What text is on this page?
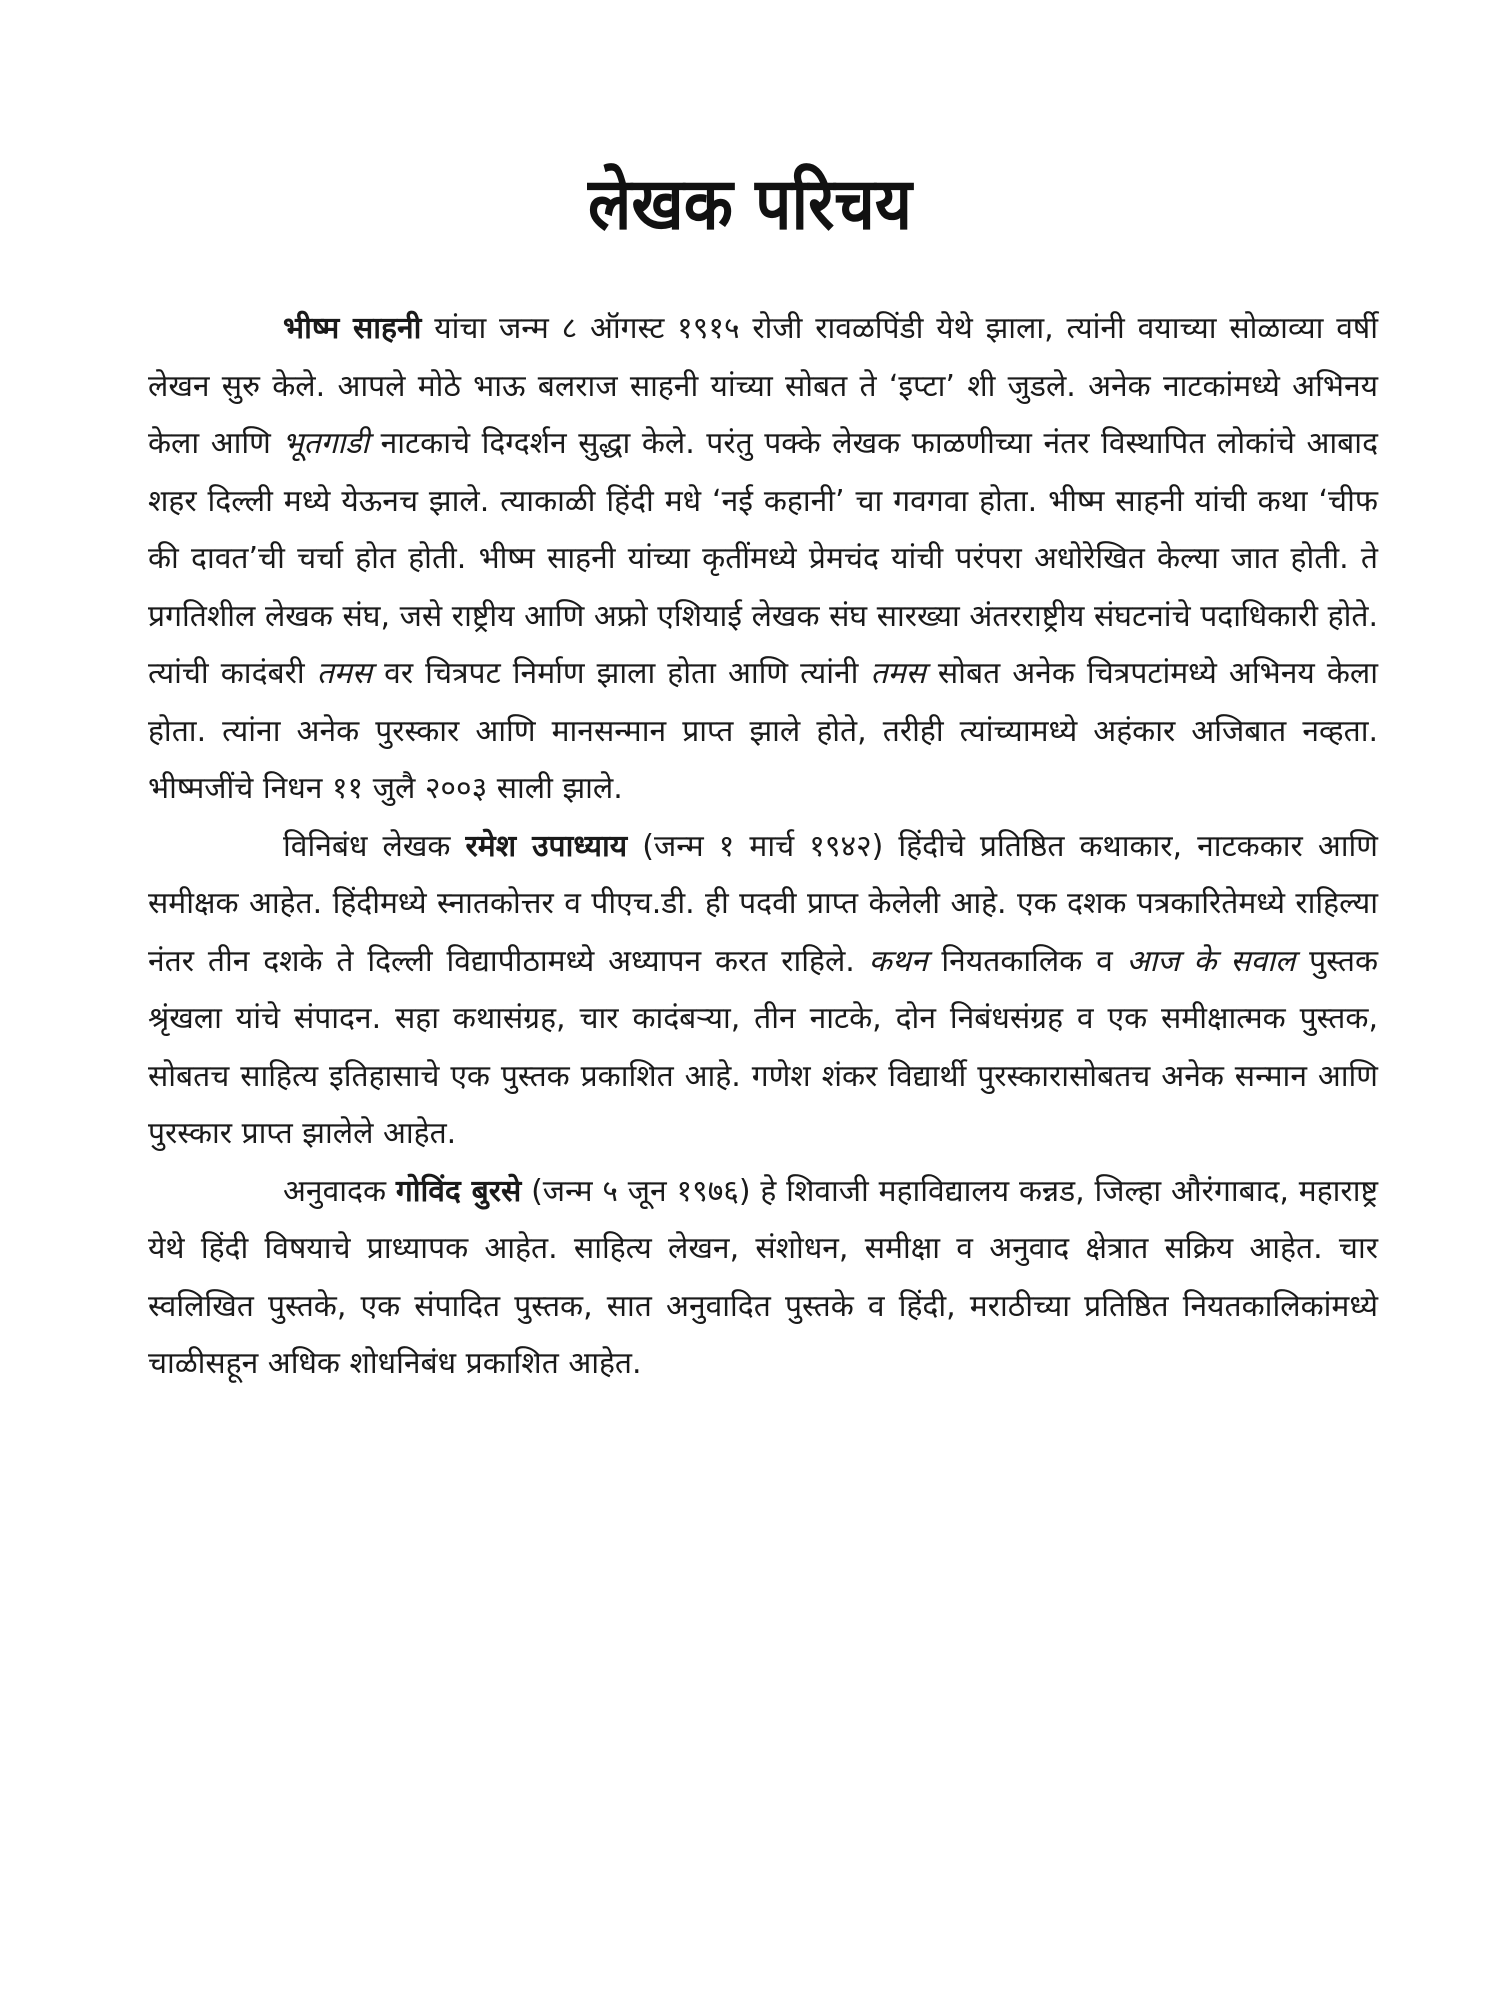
लेखक परिचय

भीष्म साहनी यांचा जन्म ८ ऑगस्ट १९१५ रोजी रावळपिंडी येथे झाला, त्यांनी वयाच्या सोळाव्या वर्षी लेखन सुरु केले. आपले मोठे भाऊ बलराज साहनी यांच्या सोबत ते ‘इप्टा’ शी जुडले. अनेक नाटकांमध्ये अभिनय केला आणि भूतगाडी नाटकाचे दिग्दर्शन सुद्धा केले. परंतु पक्के लेखक फाळणीच्या नंतर विस्थापित लोकांचे आबाद शहर दिल्ली मध्ये येऊनच झाले. त्याकाळी हिंदी मधे ‘नई कहानी’ चा गवगवा होता. भीष्म साहनी यांची कथा ‘चीफ की दावत’ची चर्चा होत होती. भीष्म साहनी यांच्या कृतींमध्ये प्रेमचंद यांची परंपरा अधोरेखित केल्या जात होती. ते प्रगतिशील लेखक संघ, जसे राष्ट्रीय आणि अफ्रो एशियाई लेखक संघ सारख्या अंतरराष्ट्रीय संघटनांचे पदाधिकारी होते. त्यांची कादंबरी तमस वर चित्रपट निर्माण झाला होता आणि त्यांनी तमस सोबत अनेक चित्रपटांमध्ये अभिनय केला होता. त्यांना अनेक पुरस्कार आणि मानसन्मान प्राप्त झाले होते, तरीही त्यांच्यामध्ये अहंकार अजिबात नव्हता. भीष्मजींचे निधन ११ जुलै २००३ साली झाले.

विनिबंध लेखक रमेश उपाध्याय (जन्म १ मार्च १९४२) हिंदीचे प्रतिष्ठित कथाकार, नाटककार आणि समीक्षक आहेत. हिंदीमध्ये स्नातकोत्तर व पीएच.डी. ही पदवी प्राप्त केलेली आहे. एक दशक पत्रकारितेमध्ये राहिल्या नंतर तीन दशके ते दिल्ली विद्यापीठामध्ये अध्यापन करत राहिले. कथन नियतकालिक व आज के सवाल पुस्तक श्रृंखला यांचे संपादन. सहा कथासंग्रह, चार कादंबऱ्या, तीन नाटके, दोन निबंधसंग्रह व एक समीक्षात्मक पुस्तक, सोबतच साहित्य इतिहासाचे एक पुस्तक प्रकाशित आहे. गणेश शंकर विद्यार्थी पुरस्कारासोबतच अनेक सन्मान आणि पुरस्कार प्राप्त झालेले आहेत.

अनुवादक गोविंद बुरसे (जन्म ५ जून १९७६) हे शिवाजी महाविद्यालय कन्नड, जिल्हा औरंगाबाद, महाराष्ट्र येथे हिंदी विषयाचे प्राध्यापक आहेत. साहित्य लेखन, संशोधन, समीक्षा व अनुवाद क्षेत्रात सक्रिय आहेत. चार स्वलिखित पुस्तके, एक संपादित पुस्तक, सात अनुवादित पुस्तके व हिंदी, मराठीच्या प्रतिष्ठित नियतकालिकांमध्ये चाळीसहून अधिक शोधनिबंध प्रकाशित आहेत.
